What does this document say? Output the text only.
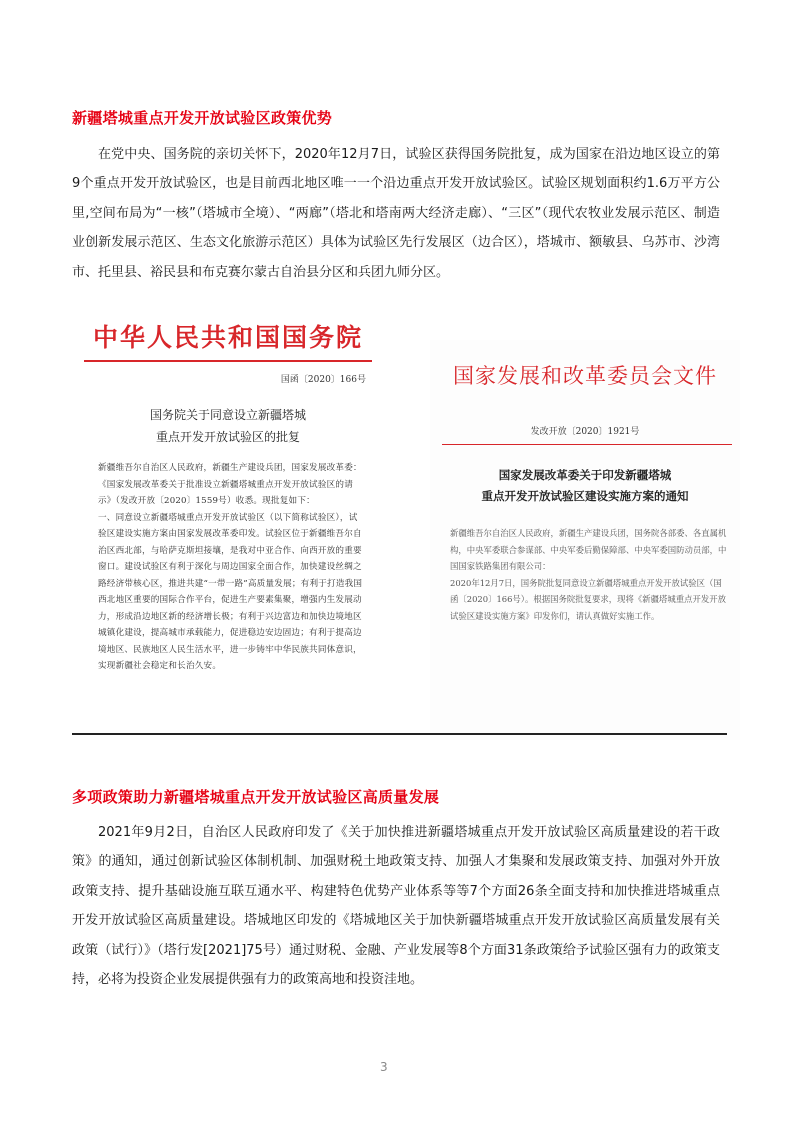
新疆塔城重点开发开放试验区政策优势
在党中央、国务院的亲切关怀下，2020年12月7日，试验区获得国务院批复，成为国家在沿边地区设立的第9个重点开发开放试验区，也是目前西北地区唯一一个沿边重点开发开放试验区。试验区规划面积约1.6万平方公里,空间布局为“一核”（塔城市全境）、“两廊”（塔北和塔南两大经济走廊）、“三区”（现代农牧业发展示范区、制造业创新发展示范区、生态文化旅游示范区）具体为试验区先行发展区（边合区），塔城市、额敏县、乌苏市、沙湾市、托里县、裕民县和布克赛尔蒙古自治县分区和兵团九师分区。
中华人民共和国国务院
国函〔2020〕166号
国务院关于同意设立新疆塔城
重点开发开放试验区的批复
新疆维吾尔自治区人民政府，新疆生产建设兵团，国家发展改革委：
《国家发展改革委关于批准设立新疆塔城重点开发开放试验区的请示》（发改开放〔2020〕1559号）收悉。现批复如下：
一、同意设立新疆塔城重点开发开放试验区（以下简称试验区），试验区建设实施方案由国家发展改革委印发。试验区位于新疆维吾尔自治区西北部，与哈萨克斯坦接壤，是我对中亚合作、向西开放的重要窗口。建设试验区有利于深化与周边国家全面合作，加快建设丝绸之路经济带核心区，推进共建“一带一路”高质量发展；有利于打造我国西北地区重要的国际合作平台，促进生产要素集聚，增强内生发展动力，形成沿边地区新的经济增长极；有利于兴边富边和加快边境地区城镇化建设，提高城市承载能力，促进稳边安边固边；有利于提高边境地区、民族地区人民生活水平，进一步铸牢中华民族共同体意识，实现新疆社会稳定和长治久安。
国家发展和改革委员会文件
发改开放〔2020〕1921号
国家发展改革委关于印发新疆塔城
重点开发开放试验区建设实施方案的通知
新疆维吾尔自治区人民政府，新疆生产建设兵团，国务院各部委、各直属机构，中央军委联合参谋部、中央军委后勤保障部、中央军委国防动员部，中国国家铁路集团有限公司：
2020年12月7日，国务院批复同意设立新疆塔城重点开发开放试验区（国函〔2020〕166号）。根据国务院批复要求，现将《新疆塔城重点开发开放试验区建设实施方案》印发你们，请认真做好实施工作。
多项政策助力新疆塔城重点开发开放试验区高质量发展
2021年9月2日，自治区人民政府印发了《关于加快推进新疆塔城重点开发开放试验区高质量建设的若干政策》的通知，通过创新试验区体制机制、加强财税土地政策支持、加强人才集聚和发展政策支持、加强对外开放政策支持、提升基础设施互联互通水平、构建特色优势产业体系等等7个方面26条全面支持和加快推进塔城重点开发开放试验区高质量建设。塔城地区印发的《塔城地区关于加快新疆塔城重点开发开放试验区高质量发展有关政策（试行）》（塔行发[2021]75号）通过财税、金融、产业发展等8个方面31条政策给予试验区强有力的政策支持，必将为投资企业发展提供强有力的政策高地和投资洼地。
3
